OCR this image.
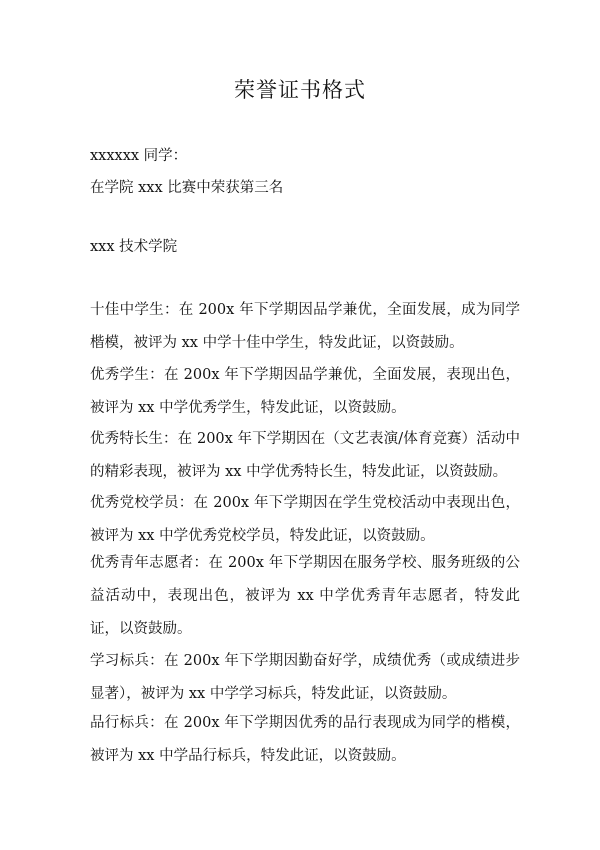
荣誉证书格式
xxxxxx 同学：
在学院 xxx 比赛中荣获第三名
xxx 技术学院
十佳中学生：在 200x 年下学期因品学兼优，全面发展，成为同学楷模，被评为 xx 中学十佳中学生，特发此证，以资鼓励。
优秀学生：在 200x 年下学期因品学兼优，全面发展，表现出色，被评为 xx 中学优秀学生，特发此证，以资鼓励。
优秀特长生：在 200x 年下学期因在（文艺表演/体育竞赛）活动中的精彩表现，被评为 xx 中学优秀特长生，特发此证，以资鼓励。
优秀党校学员：在 200x 年下学期因在学生党校活动中表现出色，被评为 xx 中学优秀党校学员，特发此证，以资鼓励。
优秀青年志愿者：在 200x 年下学期因在服务学校、服务班级的公益活动中，表现出色，被评为 xx 中学优秀青年志愿者，特发此证，以资鼓励。
学习标兵：在 200x 年下学期因勤奋好学，成绩优秀（或成绩进步显著），被评为 xx 中学学习标兵，特发此证，以资鼓励。
品行标兵：在 200x 年下学期因优秀的品行表现成为同学的楷模，被评为 xx 中学品行标兵，特发此证，以资鼓励。
